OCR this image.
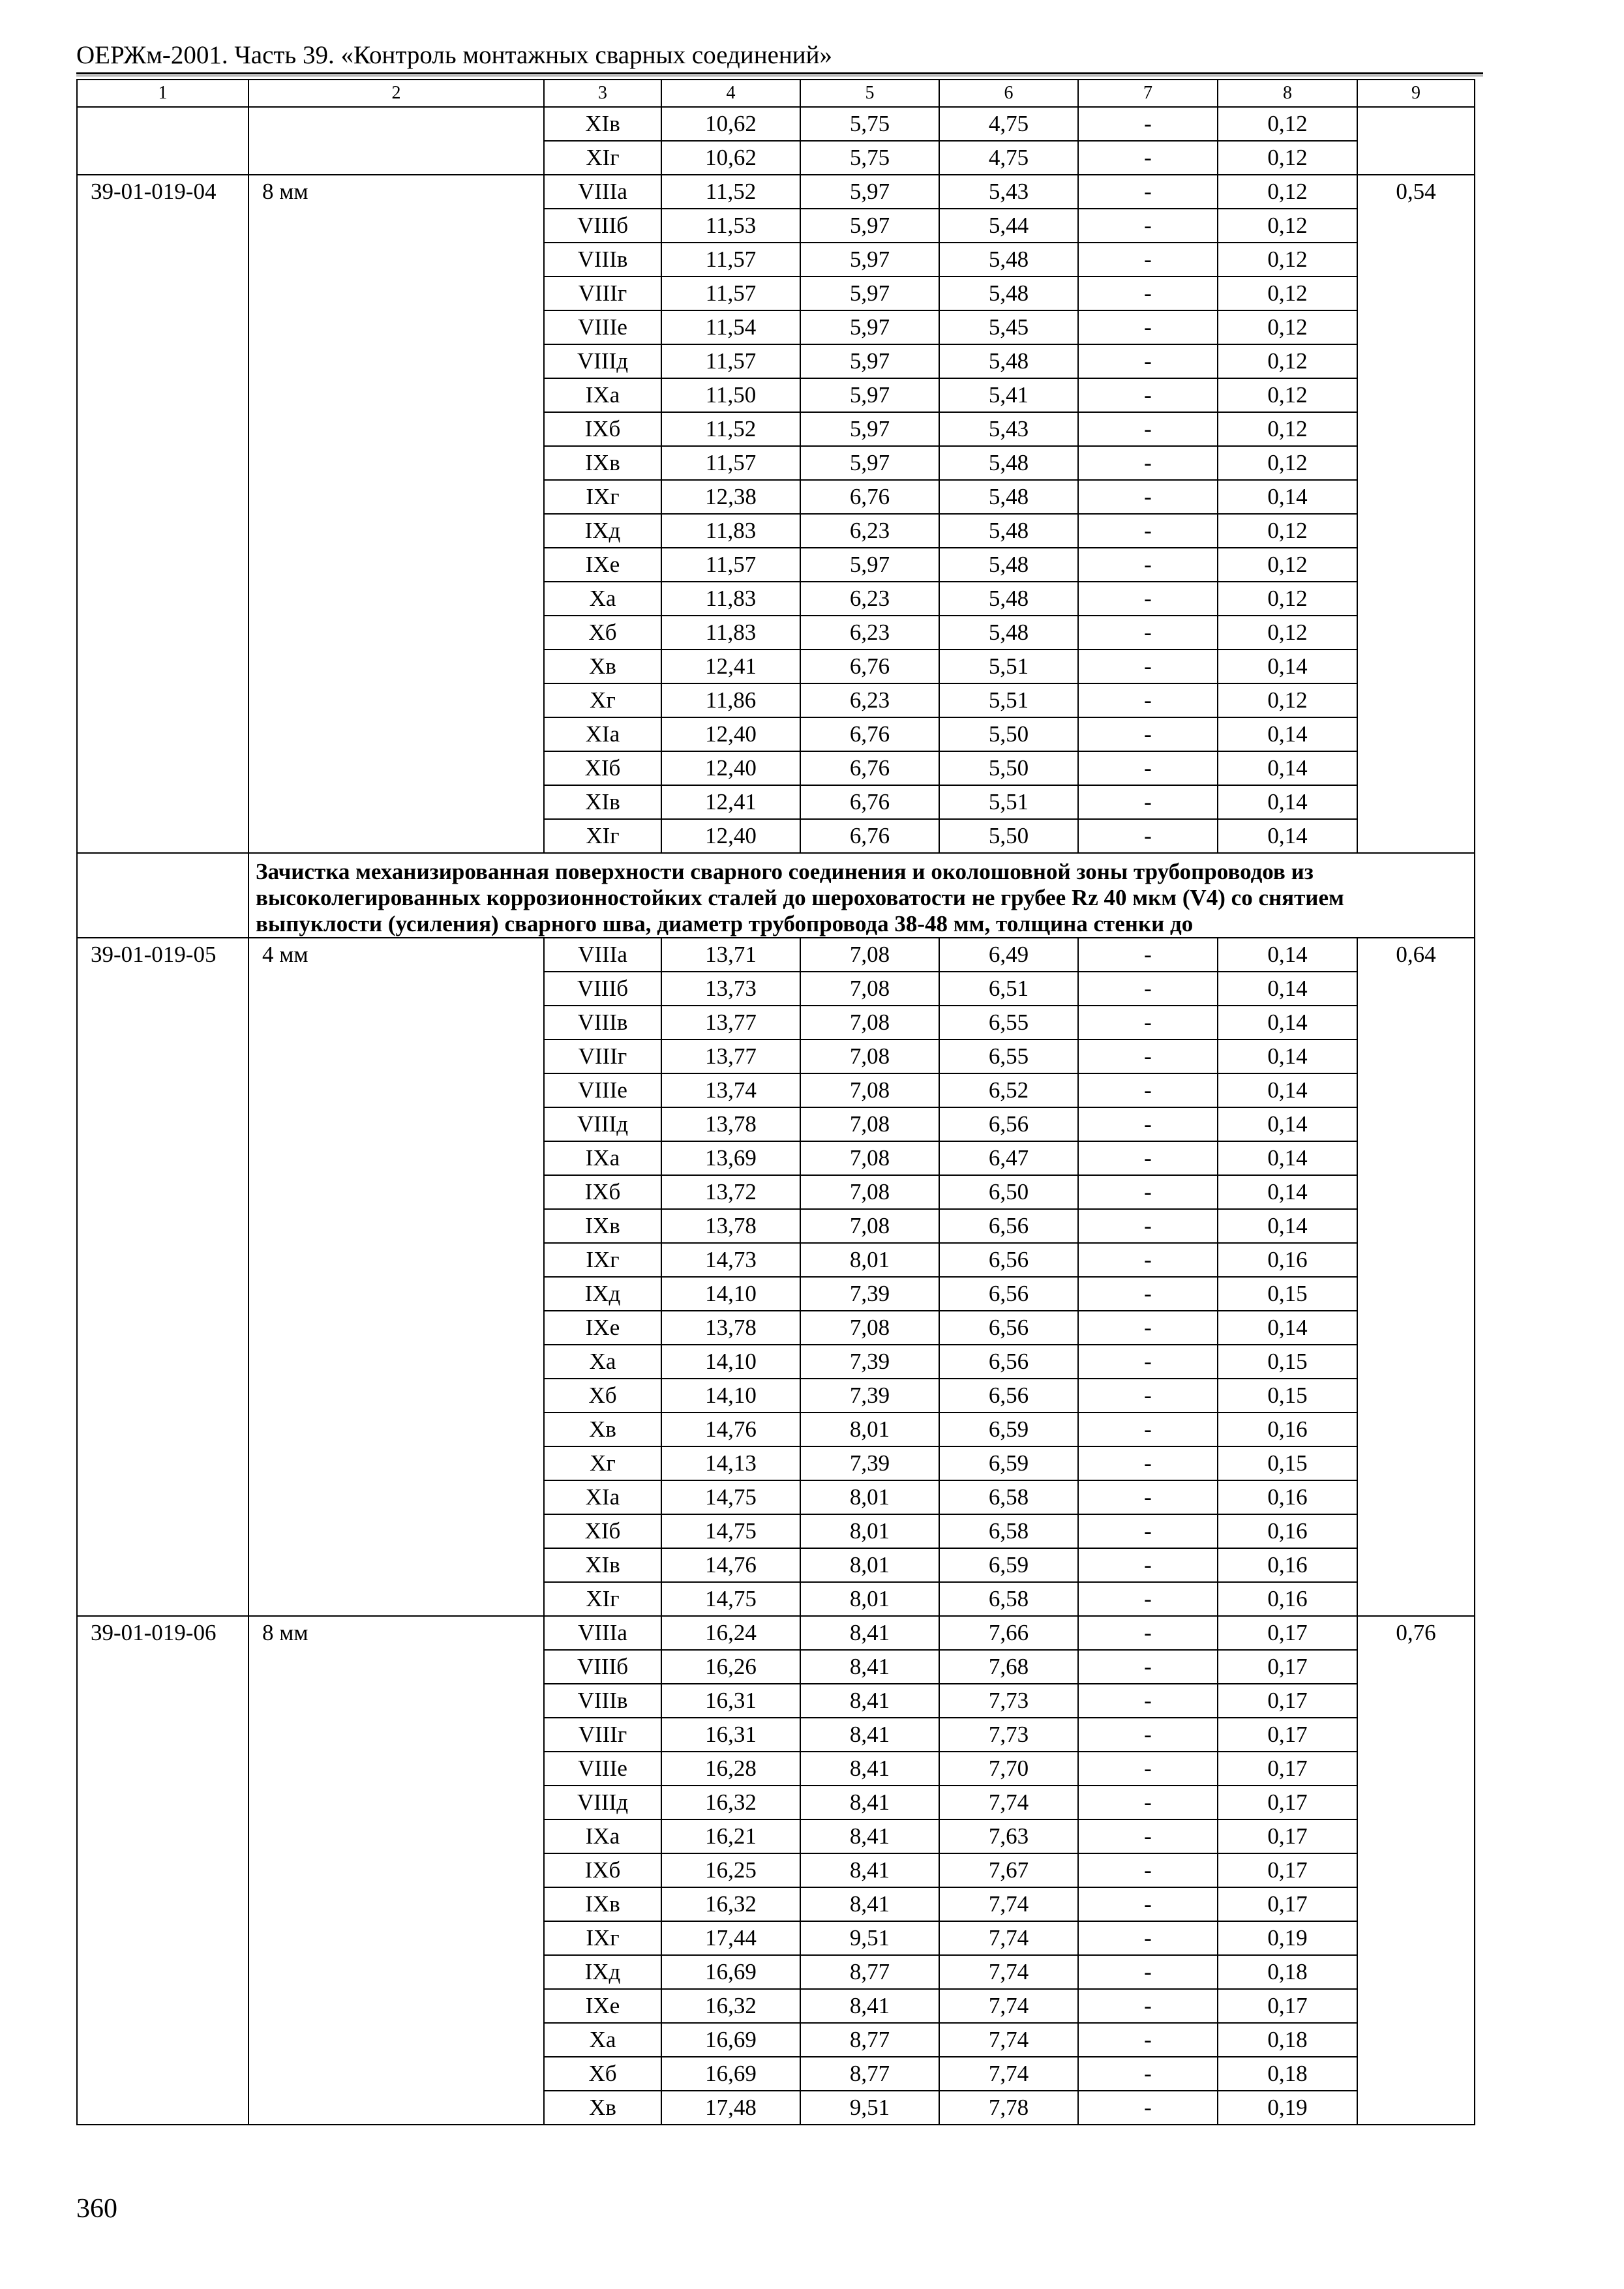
ОЕРЖм-2001. Часть 39. «Контроль монтажных сварных соединений»
1	2	3	4	5	6	7	8	9
		XIв	10,62	5,75	4,75	-	0,12	
		XIг	10,62	5,75	4,75	-	0,12	
39-01-019-04	8 мм	VIIIа	11,52	5,97	5,43	-	0,12	0,54
		VIIIб	11,53	5,97	5,44	-	0,12	
		VIIIв	11,57	5,97	5,48	-	0,12	
		VIIIг	11,57	5,97	5,48	-	0,12	
		VIIIе	11,54	5,97	5,45	-	0,12	
		VIIIд	11,57	5,97	5,48	-	0,12	
		IXа	11,50	5,97	5,41	-	0,12	
		IXб	11,52	5,97	5,43	-	0,12	
		IXв	11,57	5,97	5,48	-	0,12	
		IXг	12,38	6,76	5,48	-	0,14	
		IXд	11,83	6,23	5,48	-	0,12	
		IXе	11,57	5,97	5,48	-	0,12	
		Xа	11,83	6,23	5,48	-	0,12	
		Xб	11,83	6,23	5,48	-	0,12	
		Xв	12,41	6,76	5,51	-	0,14	
		Xг	11,86	6,23	5,51	-	0,12	
		XIа	12,40	6,76	5,50	-	0,14	
		XIб	12,40	6,76	5,50	-	0,14	
		XIв	12,41	6,76	5,51	-	0,14	
		XIг	12,40	6,76	5,50	-	0,14	
	Зачистка механизированная поверхности сварного соединения и околошовной зоны трубопроводов из высоколегированных коррозионностойких сталей до шероховатости не грубее Rz 40 мкм (V4) со снятием выпуклости (усиления) сварного шва, диаметр трубопровода 38-48 мм, толщина стенки до							
39-01-019-05	4 мм	VIIIа	13,71	7,08	6,49	-	0,14	0,64
		VIIIб	13,73	7,08	6,51	-	0,14	
		VIIIв	13,77	7,08	6,55	-	0,14	
		VIIIг	13,77	7,08	6,55	-	0,14	
		VIIIе	13,74	7,08	6,52	-	0,14	
		VIIIд	13,78	7,08	6,56	-	0,14	
		IXа	13,69	7,08	6,47	-	0,14	
		IXб	13,72	7,08	6,50	-	0,14	
		IXв	13,78	7,08	6,56	-	0,14	
		IXг	14,73	8,01	6,56	-	0,16	
		IXд	14,10	7,39	6,56	-	0,15	
		IXе	13,78	7,08	6,56	-	0,14	
		Xа	14,10	7,39	6,56	-	0,15	
		Xб	14,10	7,39	6,56	-	0,15	
		Xв	14,76	8,01	6,59	-	0,16	
		Xг	14,13	7,39	6,59	-	0,15	
		XIа	14,75	8,01	6,58	-	0,16	
		XIб	14,75	8,01	6,58	-	0,16	
		XIв	14,76	8,01	6,59	-	0,16	
		XIг	14,75	8,01	6,58	-	0,16	
39-01-019-06	8 мм	VIIIа	16,24	8,41	7,66	-	0,17	0,76
		VIIIб	16,26	8,41	7,68	-	0,17	
		VIIIв	16,31	8,41	7,73	-	0,17	
		VIIIг	16,31	8,41	7,73	-	0,17	
		VIIIе	16,28	8,41	7,70	-	0,17	
		VIIIд	16,32	8,41	7,74	-	0,17	
		IXа	16,21	8,41	7,63	-	0,17	
		IXб	16,25	8,41	7,67	-	0,17	
		IXв	16,32	8,41	7,74	-	0,17	
		IXг	17,44	9,51	7,74	-	0,19	
		IXд	16,69	8,77	7,74	-	0,18	
		IXе	16,32	8,41	7,74	-	0,17	
		Xа	16,69	8,77	7,74	-	0,18	
		Xб	16,69	8,77	7,74	-	0,18	
		Xв	17,48	9,51	7,78	-	0,19	
360
